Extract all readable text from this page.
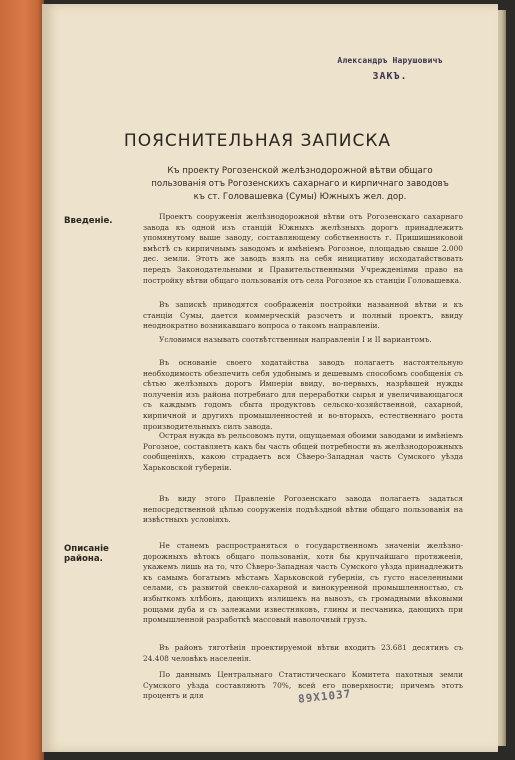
Александръ Нарушовичъ
ЗАКЪ.
ПОЯСНИТЕЛЬНАЯ ЗАПИСКА
Къ проекту Рогозенской желѣзнодорожной вѣтви общаго пользованія отъ Рогозенскихъ сахарнаго и кирпичнаго заводовъ къ ст. Головашевка (Сумы) Южныхъ жел. дор.
Введеніе.	Проектъ сооруженія желѣзнодорожной вѣтви отъ Рогозенскаго сахарнаго завода къ одной изъ станцій Южныхъ желѣзныхъ дорогъ принадлежитъ упомянутому выше заводу, составляющему собственность г. Пришишниковой вмѣстѣ съ кирпичнымъ заводомъ и имѣніемъ Рогозное, площадью свыше 2.000 дес. земли. Этотъ же заводъ взялъ на себя инициативу исходатайствовать передъ Законодательными и Правительственными Учрежденіями право на постройку вѣтви общаго пользованія отъ села Рогозное къ станціи Головашевка.
Въ запискѣ приводятся соображенія постройки названной вѣтви и къ станціи Сумы, дается коммерческій разсчетъ и полный проектъ, ввиду неоднократно возникавшаго вопроса о такомъ направленіи.
Условимся называть соотвѣтственныя направленія I и II вариантомъ.
Въ основаніе своего ходатайства заводъ полагаетъ настоятельную необходимость обезпечить себя удобнымъ и дешевымъ способомъ сообщенія съ сѣтью желѣзныхъ дорогъ Имперіи ввиду, во-первыхъ, назрѣвшей нужды полученія изъ района потребнаго для переработки сырья и увеличивающагося съ каждымъ годомъ сбыта продуктовъ сельско-хозяйственной, сахарной, кирпичной и другихъ промышленностей и во-вторыхъ, естественнаго роста производительныхъ силъ завода.
Острая нужда въ рельсовомъ пути, ощущаемая обоими заводами и имѣніемъ Рогозное, составляетъ какъ бы часть общей потребности въ желѣзнодорожныхъ сообщеніяхъ, какою страдаетъ вся Сѣверо-Западная часть Сумского уѣзда Харьковской губерніи.
Въ виду этого Правленіе Рогозенскаго завода полагаетъ задаться непосредственной цѣлью сооруженія подъѣздной вѣтви общаго пользованія на извѣстныхъ условіяхъ.
Описаніе района.
Не станемъ распространяться о государственномъ значеніи желѣзно-дорожныхъ вѣтокъ общаго пользованія, хотя бы крупчайшаго протяженія, укажемъ лишь на то, что Сѣверо-Западная часть Сумского уѣзда принадлежитъ къ самымъ богатымъ мѣстамъ Харьковской губерніи, съ густо населенными селами, съ развитой свекло-сахарной и винокуренной промышленностью, съ избыткомъ хлѣбовъ, дающихъ излишекъ на вывозъ, съ громадными вѣковыми рощами дуба и съ залежами известняковъ, глины и песчаника, дающихъ при промышленной разработкѣ массовый наволочный грузъ.
Въ районъ тяготѣнія проектируемой вѣтви входитъ 23.681 десятинъ съ 24.408 человѣкъ населенія.
По даннымъ Центральнаго Статистическаго Комитета пахотныя земли Сумского уѣзда составляютъ 70%, всей его поверхности; причемъ этотъ процентъ и для	89X1037
